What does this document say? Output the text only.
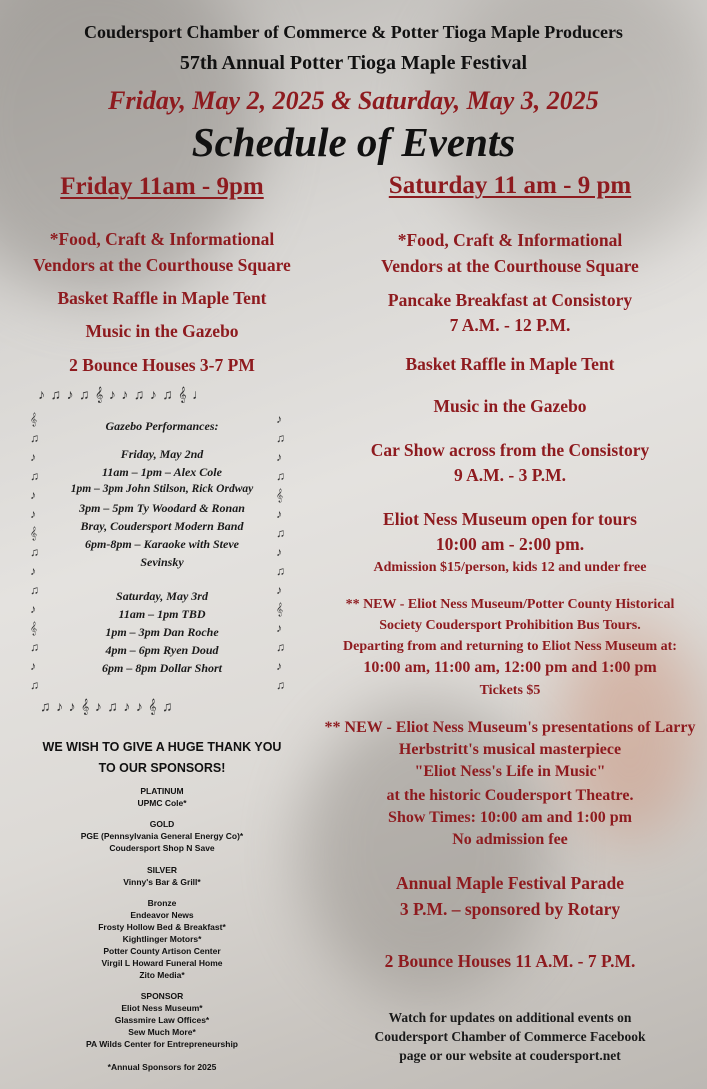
Coudersport Chamber of Commerce & Potter Tioga Maple Producers
57th Annual Potter Tioga Maple Festival
Friday, May 2, 2025 & Saturday, May 3, 2025
Schedule of Events
Friday 11am - 9pm
*Food, Craft & Informational
Vendors at the Courthouse Square
Basket Raffle in Maple Tent
Music in the Gazebo
2 Bounce Houses 3-7 PM
♪ ♫ ♪ ♫ 𝄞 ♪ ♪ ♫ ♪ ♫ 𝄞 ♩
𝄞
♫
♪
♫
♪
♪
𝄞
♫
♪
♫
♪
𝄞
♫
♪
♫
♪
♫
♪
♫
𝄞
♪
♫
♪
♫
♪
𝄞
♪
♫
♪
♫
♫ ♪ ♪ 𝄞 ♪ ♫ ♪ ♪ 𝄞 ♫
Gazebo Performances:
Friday, May 2nd
11am – 1pm – Alex Cole
1pm – 3pm John Stilson, Rick Ordway
3pm – 5pm Ty Woodard & Ronan
Bray, Coudersport Modern Band
6pm-8pm – Karaoke with Steve
Sevinsky
Saturday, May 3rd
11am – 1pm TBD
1pm – 3pm Dan Roche
4pm – 6pm Ryen Doud
6pm – 8pm Dollar Short
WE WISH TO GIVE A HUGE THANK YOU
TO OUR SPONSORS!
PLATINUM
UPMC Cole*
GOLD
PGE (Pennsylvania General Energy Co)*
Coudersport Shop N Save
SILVER
Vinny's Bar & Grill*
Bronze
Endeavor News
Frosty Hollow Bed & Breakfast*
Kightlinger Motors*
Potter County Artison Center
Virgil L Howard Funeral Home
Zito Media*
SPONSOR
Eliot Ness Museum*
Glassmire Law Offices*
Sew Much More*
PA Wilds Center for Entrepreneurship
*Annual Sponsors for 2025
Saturday 11 am - 9 pm
*Food, Craft & Informational
Vendors at the Courthouse Square
Pancake Breakfast at Consistory
7 A.M. - 12 P.M.
Basket Raffle in Maple Tent
Music in the Gazebo
Car Show across from the Consistory
9 A.M. - 3 P.M.
Eliot Ness Museum open for tours
10:00 am - 2:00 pm.
Admission $15/person, kids 12 and under free
** NEW - Eliot Ness Museum/Potter County Historical
Society Coudersport Prohibition Bus Tours.
Departing from and returning to Eliot Ness Museum at:
10:00 am, 11:00 am, 12:00 pm and 1:00 pm
Tickets $5
** NEW - Eliot Ness Museum's presentations of Larry
Herbstritt's musical masterpiece
"Eliot Ness's Life in Music"
at the historic Coudersport Theatre.
Show Times: 10:00 am and 1:00 pm
No admission fee
Annual Maple Festival Parade
3 P.M. – sponsored by Rotary
2 Bounce Houses 11 A.M. - 7 P.M.
Watch for updates on additional events on
Coudersport Chamber of Commerce Facebook
page or our website at coudersport.net
